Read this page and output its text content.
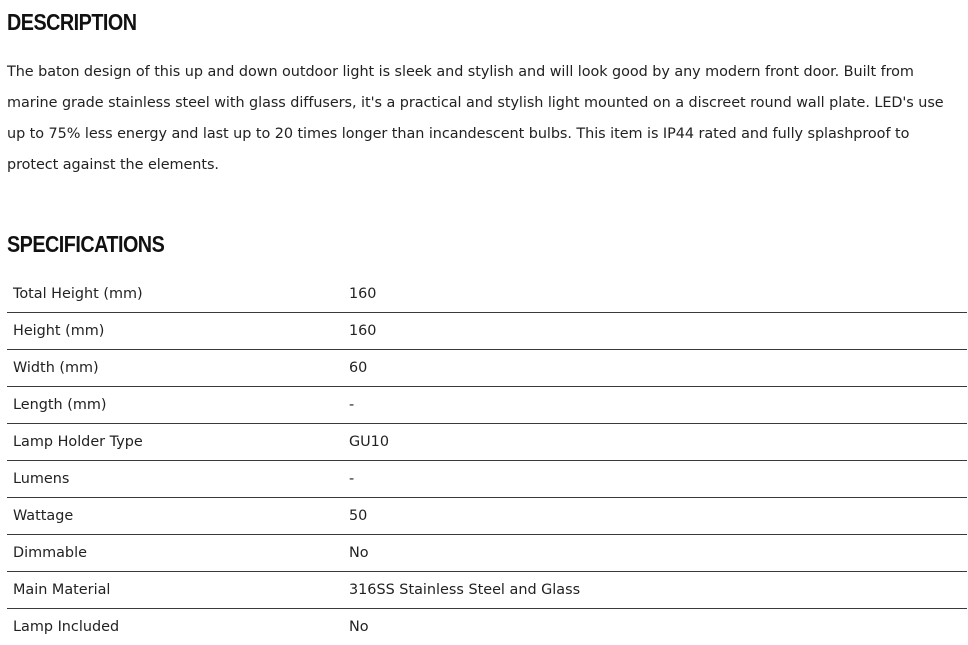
DESCRIPTION

The baton design of this up and down outdoor light is sleek and stylish and will look good by any modern front door. Built from marine grade stainless steel with glass diffusers, it's a practical and stylish light mounted on a discreet round wall plate. LED's use up to 75% less energy and last up to 20 times longer than incandescent bulbs. This item is IP44 rated and fully splashproof to protect against the elements.

SPECIFICATIONS
Total Height (mm)	160
Height (mm)	160
Width (mm)	60
Length (mm)	-
Lamp Holder Type	GU10
Lumens	-
Wattage	50
Dimmable	No
Main Material	316SS Stainless Steel and Glass
Lamp Included	No
